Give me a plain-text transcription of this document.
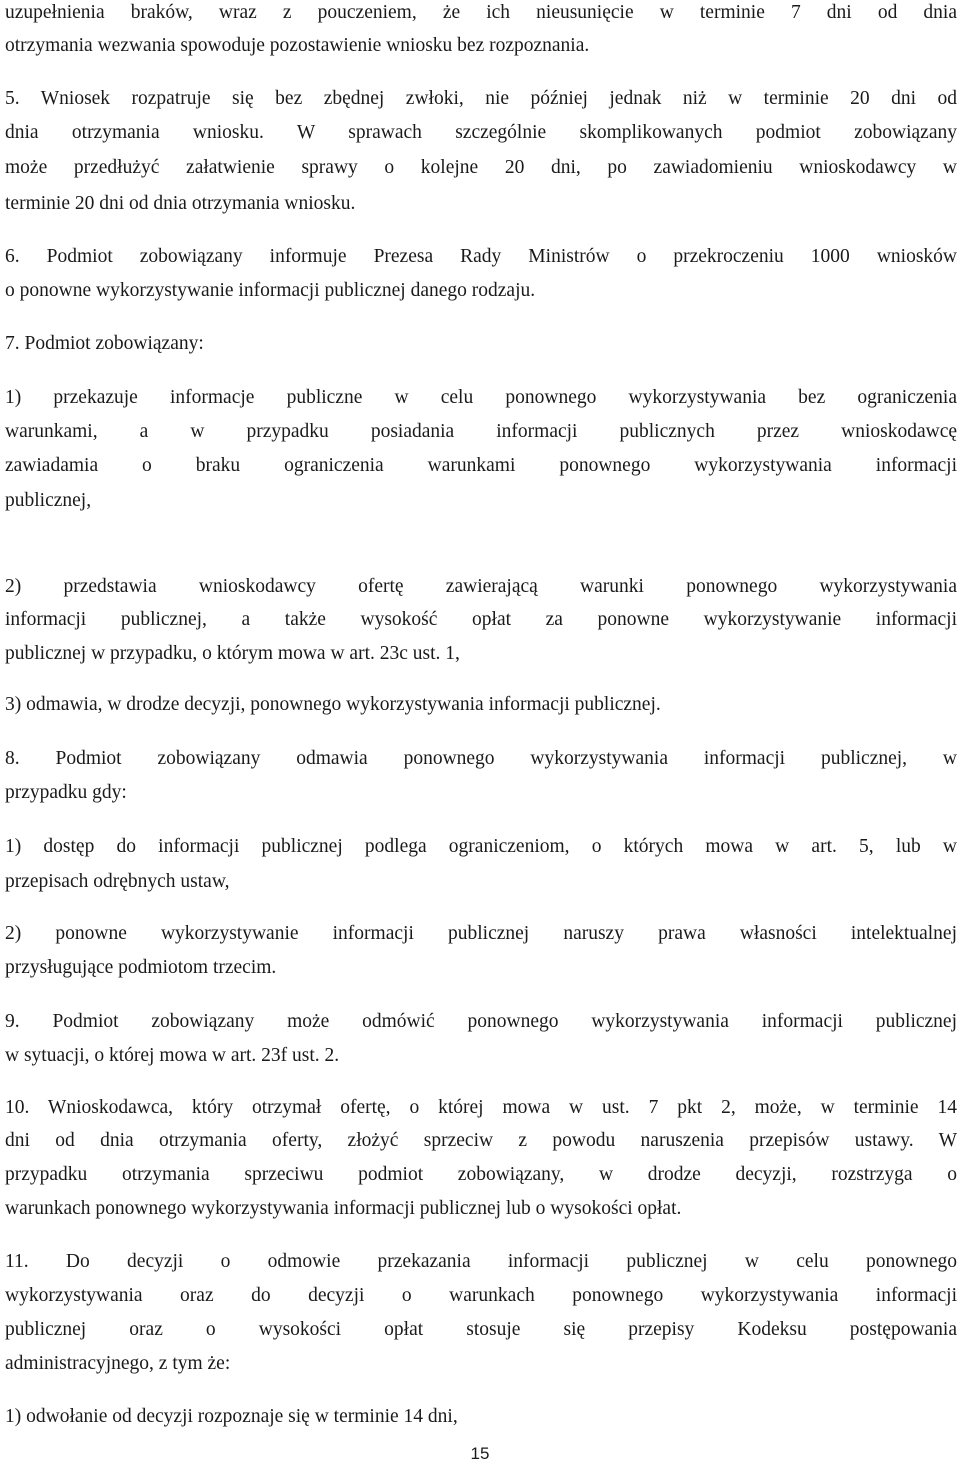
uzupełnienia braków, wraz z pouczeniem, że ich nieusunięcie w terminie 7 dni od dnia
otrzymania wezwania spowoduje pozostawienie wniosku bez rozpoznania.
5. Wniosek rozpatruje się bez zbędnej zwłoki, nie później jednak niż w terminie 20 dni od
dnia otrzymania wniosku. W sprawach szczególnie skomplikowanych podmiot zobowiązany
może przedłużyć załatwienie sprawy o kolejne 20 dni, po zawiadomieniu wnioskodawcy w
terminie 20 dni od dnia otrzymania wniosku.
6. Podmiot zobowiązany informuje Prezesa Rady Ministrów o przekroczeniu 1000 wniosków
o ponowne wykorzystywanie informacji publicznej danego rodzaju.
7. Podmiot zobowiązany:
1) przekazuje informacje publiczne w celu ponownego wykorzystywania bez ograniczenia
warunkami, a w przypadku posiadania informacji publicznych przez wnioskodawcę
zawiadamia o braku ograniczenia warunkami ponownego wykorzystywania informacji
publicznej,
2) przedstawia wnioskodawcy ofertę zawierającą warunki ponownego wykorzystywania
informacji publicznej, a także wysokość opłat za ponowne wykorzystywanie informacji
publicznej w przypadku, o którym mowa w art. 23c ust. 1,
3) odmawia, w drodze decyzji, ponownego wykorzystywania informacji publicznej.
8. Podmiot zobowiązany odmawia ponownego wykorzystywania informacji publicznej, w
przypadku gdy:
1) dostęp do informacji publicznej podlega ograniczeniom, o których mowa w art. 5, lub w
przepisach odrębnych ustaw,
2) ponowne wykorzystywanie informacji publicznej naruszy prawa własności intelektualnej
przysługujące podmiotom trzecim.
9. Podmiot zobowiązany może odmówić ponownego wykorzystywania informacji publicznej
w sytuacji, o której mowa w art. 23f ust. 2.
10. Wnioskodawca, który otrzymał ofertę, o której mowa w ust. 7 pkt 2, może, w terminie 14
dni od dnia otrzymania oferty, złożyć sprzeciw z powodu naruszenia przepisów ustawy. W
przypadku otrzymania sprzeciwu podmiot zobowiązany, w drodze decyzji, rozstrzyga o
warunkach ponownego wykorzystywania informacji publicznej lub o wysokości opłat.
11. Do decyzji o odmowie przekazania informacji publicznej w celu ponownego
wykorzystywania oraz do decyzji o warunkach ponownego wykorzystywania informacji
publicznej oraz o wysokości opłat stosuje się przepisy Kodeksu postępowania
administracyjnego, z tym że:
1) odwołanie od decyzji rozpoznaje się w terminie 14 dni,
15
